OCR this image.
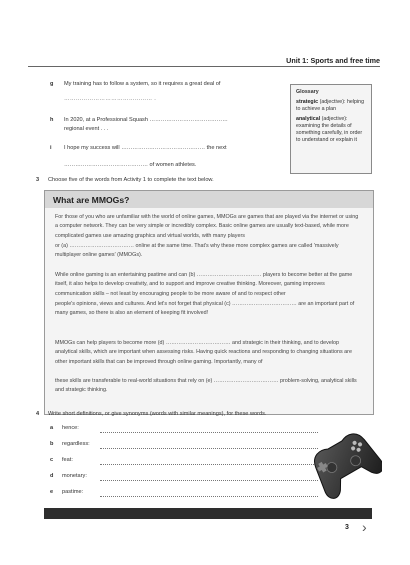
Unit 1: Sports and free time
g My training has to follow a system, so it requires a great deal of
……………………………………… .
h In 2020, at a Professional Squash ……………………………………
regional event . . .
i I hope my success will ……………………………………… the next
……………………………………… of women athletes.
Glossary
strategic (adjective): helping to achieve a plan
analytical (adjective): examining the details of something carefully, in order to understand or explain it
3 Choose five of the words from Activity 1 to complete the text below.
What are MMOGs?
For those of you who are unfamiliar with the world of online games, MMOGs are games that are played via the internet or using a computer network. They can be very simple or incredibly complex. Basic online games are usually text-based, while more complicated games use amazing graphics and virtual worlds, with many players
or (a) ……………………………… online at the same time. That's why these more complex games are called 'massively multiplayer online games' (MMOGs).
While online gaming is an entertaining pastime and can (b) ……………………………… players to become better at the game itself, it also helps to develop creativity, and to support and improve creative thinking. Moreover, gaming improves communication skills – not least by encouraging people to be more aware of and to respect other
people's opinions, views and cultures. And let's not forget that physical (c) ……………………………… are an important part of many games, so there is also an element of keeping fit involved!
MMOGs can help players to become more (d) ……………………………… and strategic in their thinking, and to develop analytical skills, which are important when assessing risks. Having quick reactions and responding to changing situations are other important skills that can be improved through online gaming. Importantly, many of
these skills are transferable to real-world situations that rely on (e) ……………………………… problem-solving, analytical skills and strategic thinking.
4 Write short definitions, or give synonyms (words with similar meanings), for these words.
a hence:
b regardless:
c feat:
d monetary:
e pastime:
3 ›
